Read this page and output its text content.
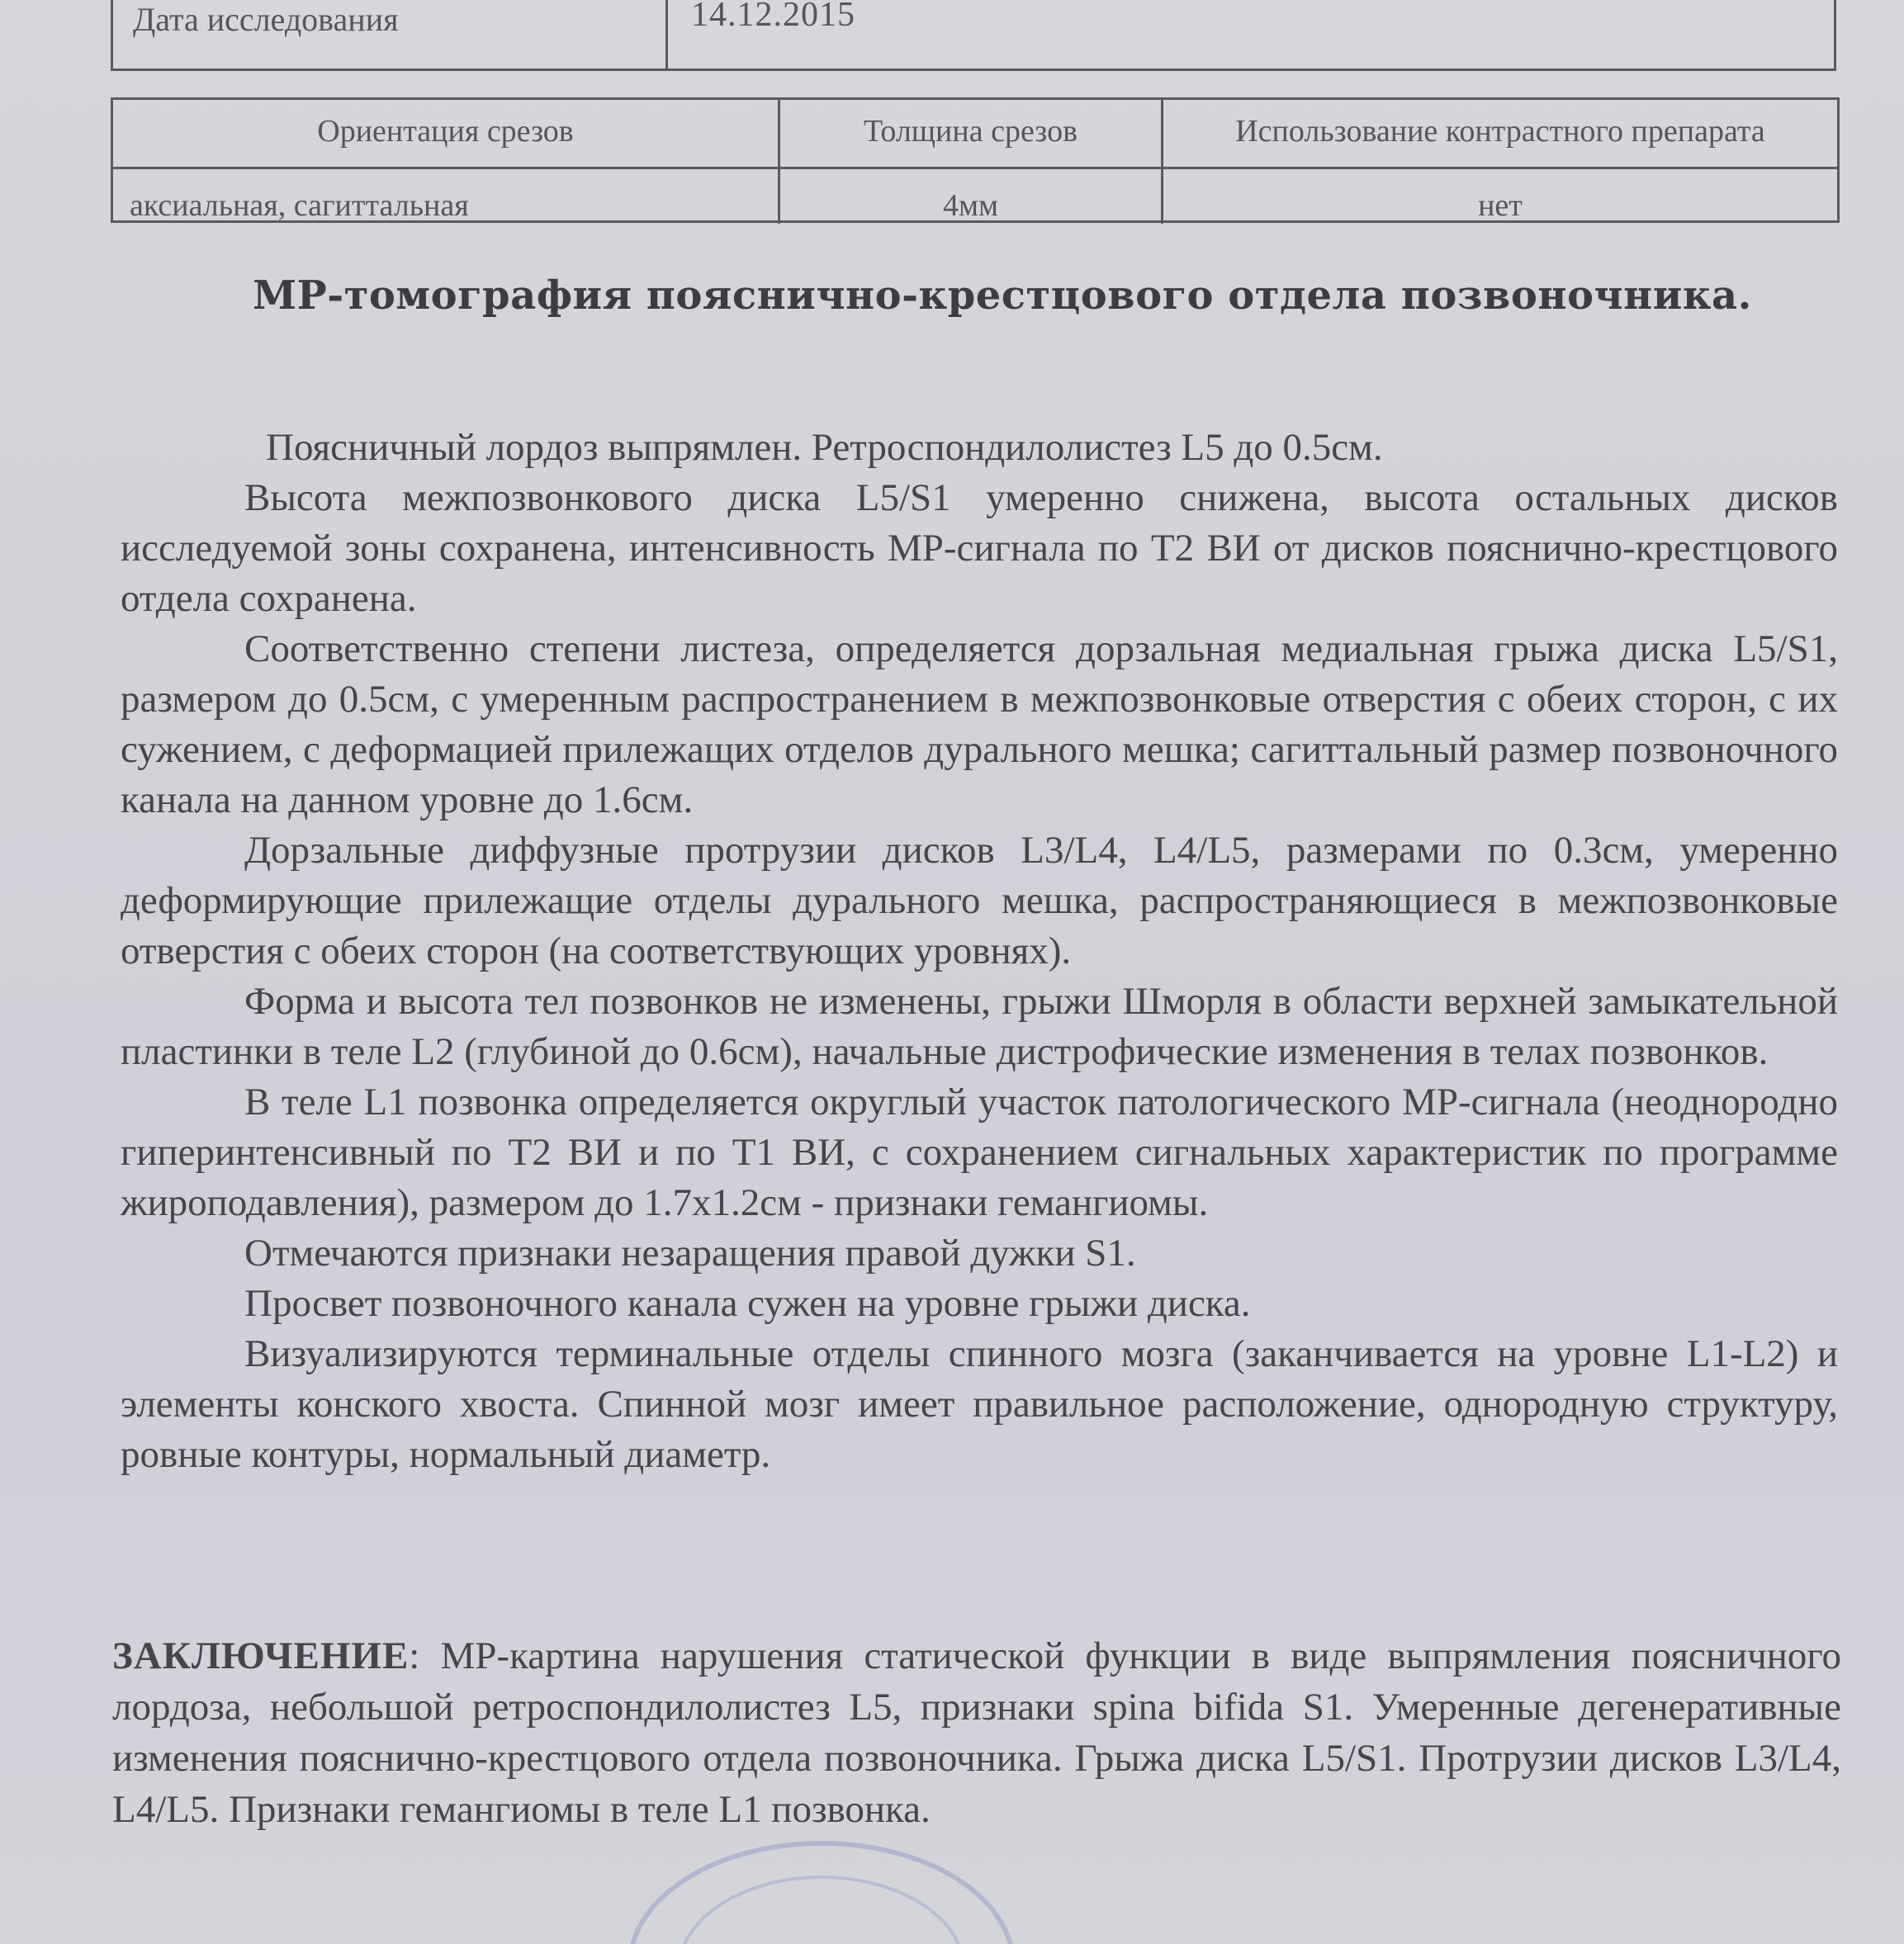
Дата исследования	14.12.2015
Ориентация срезов	Толщина срезов	Использование контрастного препарата
аксиальная, сагиттальная	4мм	нет
МР-томография пояснично-крестцового отдела позвоночника.

Поясничный лордоз выпрямлен. Ретроспондилолистез L5 до 0.5см.

Высота межпозвонкового диска L5/S1 умеренно снижена, высота остальных дисков исследуемой зоны сохранена, интенсивность МР-сигнала по Т2 ВИ от дисков пояснично-крестцового отдела сохранена.

Соответственно степени листеза, определяется дорзальная медиальная грыжа диска L5/S1, размером до 0.5см, с умеренным распространением в межпозвонковые отверстия с обеих сторон, с их сужением, с деформацией прилежащих отделов дурального мешка; сагиттальный размер позвоночного канала на данном уровне до 1.6см.

Дорзальные диффузные протрузии дисков L3/L4, L4/L5, размерами по 0.3см, умеренно деформирующие прилежащие отделы дурального мешка, распространяющиеся в межпозвонковые отверстия с обеих сторон (на соответствующих уровнях).

Форма и высота тел позвонков не изменены, грыжи Шморля в области верхней замыкательной пластинки в теле L2 (глубиной до 0.6см), начальные дистрофические изменения в телах позвонков.

В теле L1 позвонка определяется округлый участок патологического МР-сигнала (неоднородно гиперинтенсивный по Т2 ВИ и по Т1 ВИ, с сохранением сигнальных характеристик по программе жироподавления), размером до 1.7х1.2см - признаки гемангиомы.

Отмечаются признаки незаращения правой дужки S1.

Просвет позвоночного канала сужен на уровне грыжи диска.

Визуализируются терминальные отделы спинного мозга (заканчивается на уровне L1-L2) и элементы конского хвоста. Спинной мозг имеет правильное расположение, однородную структуру, ровные контуры, нормальный диаметр.

ЗАКЛЮЧЕНИЕ: МР-картина нарушения статической функции в виде выпрямления поясничного лордоза, небольшой ретроспондилолистез L5, признаки spina bifida S1. Умеренные дегенеративные изменения пояснично-крестцового отдела позвоночника. Грыжа диска L5/S1. Протрузии дисков L3/L4, L4/L5. Признаки гемангиомы в теле L1 позвонка.
